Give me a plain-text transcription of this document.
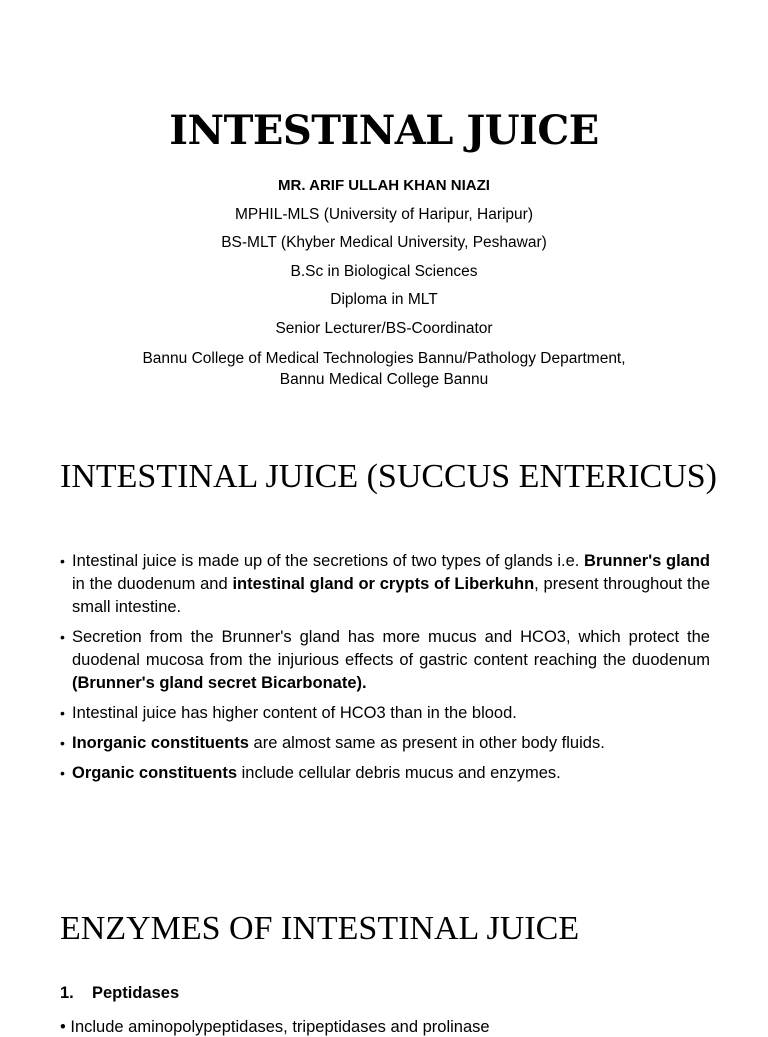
INTESTINAL JUICE
MR. ARIF ULLAH KHAN NIAZI
MPHIL-MLS (University of Haripur, Haripur)
BS-MLT (Khyber Medical University, Peshawar)
B.Sc in Biological Sciences
Diploma in MLT
Senior Lecturer/BS-Coordinator
Bannu College of Medical Technologies Bannu/Pathology Department,
Bannu Medical College Bannu
INTESTINAL JUICE (SUCCUS ENTERICUS)
• Intestinal juice is made up of the secretions of two types of glands i.e. Brunner's gland in the duodenum and intestinal gland or crypts of Liberkuhn, present throughout the small intestine.
• Secretion from the Brunner's gland has more mucus and HCO3, which protect the duodenal mucosa from the injurious effects of gastric content reaching the duodenum (Brunner's gland secret Bicarbonate).
• Intestinal juice has higher content of HCO3 than in the blood.
• Inorganic constituents are almost same as present in other body fluids.
• Organic constituents include cellular debris mucus and enzymes.
ENZYMES OF INTESTINAL JUICE
1. Peptidases
• Include aminopolypeptidases, tripeptidases and prolinase
